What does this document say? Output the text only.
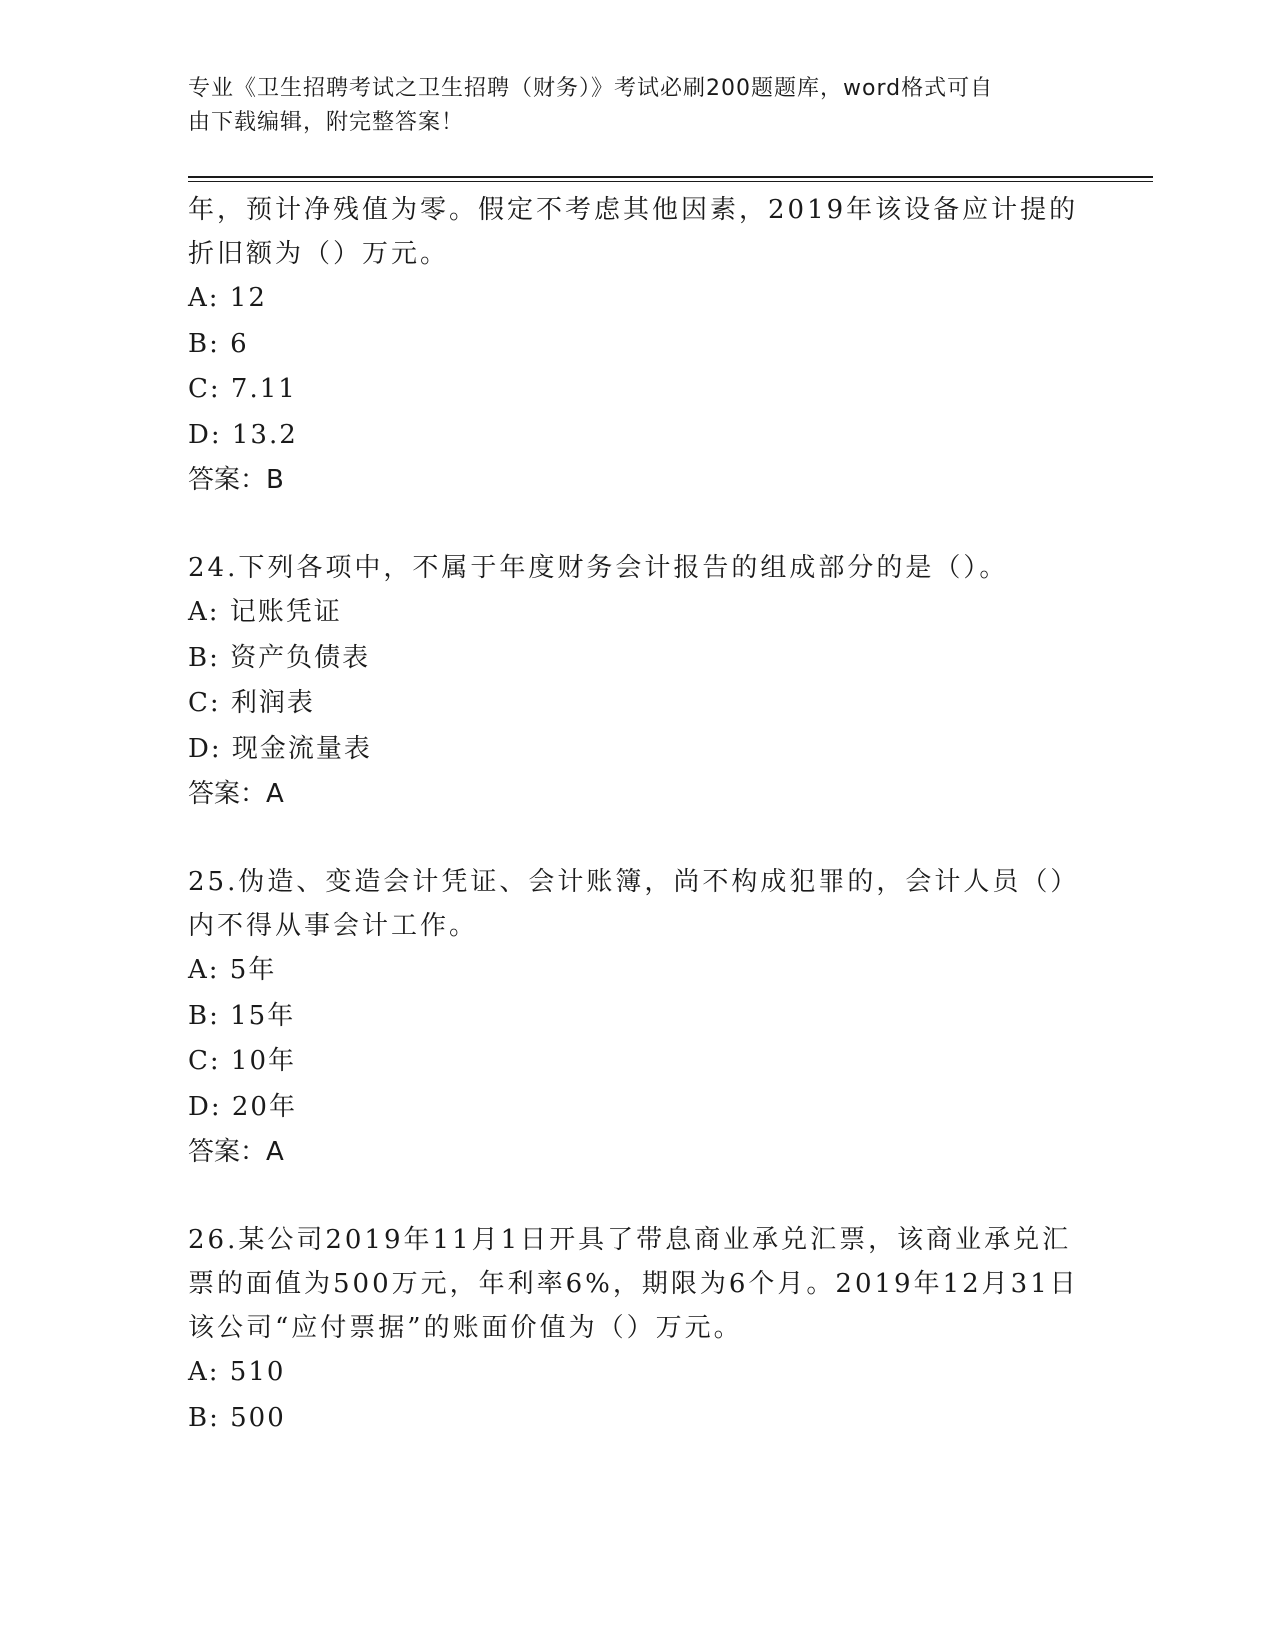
专业《卫生招聘考试之卫生招聘（财务）》考试必刷200题题库，word格式可自
由下载编辑，附完整答案！
年，预计净残值为零。假定不考虑其他因素，2019年该设备应计提的
折旧额为（）万元。
A: 12
B: 6
C: 7.11
D: 13.2
答案：B
24.下列各项中，不属于年度财务会计报告的组成部分的是（）。
A: 记账凭证
B: 资产负债表
C: 利润表
D: 现金流量表
答案：A
25.伪造、变造会计凭证、会计账簿，尚不构成犯罪的，会计人员（）
内不得从事会计工作。
A: 5年
B: 15年
C: 10年
D: 20年
答案：A
26.某公司2019年11月1日开具了带息商业承兑汇票，该商业承兑汇
票的面值为500万元，年利率6%，期限为6个月。2019年12月31日
该公司“应付票据”的账面价值为（）万元。
A: 510
B: 500
